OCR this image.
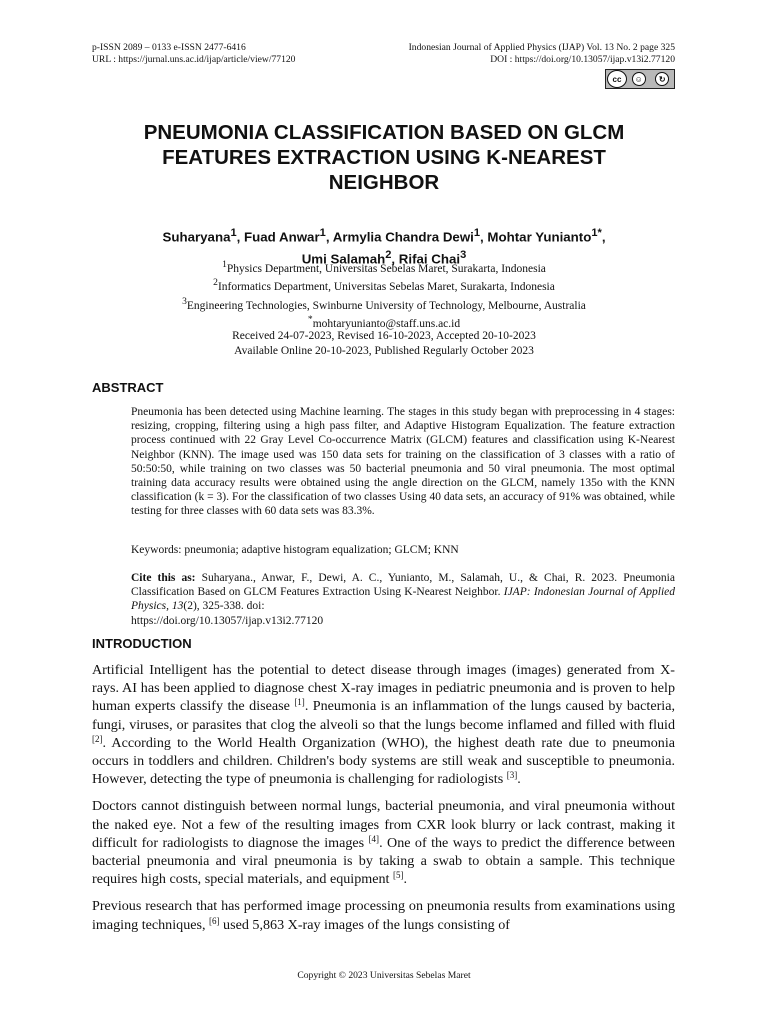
p-ISSN 2089 – 0133 e-ISSN 2477-6416
URL : https://jurnal.uns.ac.id/ijap/article/view/77120
Indonesian Journal of Applied Physics (IJAP) Vol. 13 No. 2 page 325
DOI : https://doi.org/10.13057/ijap.v13i2.77120
cc	☺	↻
PNEUMONIA CLASSIFICATION BASED ON GLCM
FEATURES EXTRACTION USING K-NEAREST
NEIGHBOR
Suharyana$^1$, Fuad Anwar$^1$, Armylia Chandra Dewi$^1$, Mohtar Yunianto$^{1*}$,
Umi Salamah$^2$, Rifai Chai$^3$
$^1$Physics Department, Universitas Sebelas Maret, Surakarta, Indonesia
$^2$Informatics Department, Universitas Sebelas Maret, Surakarta, Indonesia
$^3$Engineering Technologies, Swinburne University of Technology, Melbourne, Australia
*mohtaryunianto@staff.uns.ac.id
Received 24-07-2023, Revised 16-10-2023, Accepted 20-10-2023
Available Online 20-10-2023, Published Regularly October 2023
ABSTRACT

Pneumonia has been detected using Machine learning. The stages in this study began with preprocessing in 4 stages: resizing, cropping, filtering using a high pass filter, and Adaptive Histogram Equalization. The feature extraction process continued with 22 Gray Level Co-occurrence Matrix (GLCM) features and classification using K-Nearest Neighbor (KNN). The image used was 150 data sets for training on the classification of 3 classes with a ratio of 50:50:50, while training on two classes was 50 bacterial pneumonia and 50 viral pneumonia. The most optimal training data accuracy results were obtained using the angle direction on the GLCM, namely 135o with the KNN classification (k = 3). For the classification of two classes Using 40 data sets, an accuracy of 91% was obtained, while testing for three classes with 60 data sets was 83.3%.

Keywords: pneumonia; adaptive histogram equalization; GLCM; KNN
Cite this as: Suharyana., Anwar, F., Dewi, A. C., Yunianto, M., Salamah, U., & Chai, R. 2023. Pneumonia Classification Based on GLCM Features Extraction Using K-Nearest Neighbor. IJAP: Indonesian Journal of Applied Physics, 13(2), 325-338. doi:
https://doi.org/10.13057/ijap.v13i2.77120
INTRODUCTION

Artificial Intelligent has the potential to detect disease through images (images) generated from X-rays. AI has been applied to diagnose chest X-ray images in pediatric pneumonia and is proven to help human experts classify the disease [1]. Pneumonia is an inflammation of the lungs caused by bacteria, fungi, viruses, or parasites that clog the alveoli so that the lungs become inflamed and filled with fluid [2]. According to the World Health Organization (WHO), the highest death rate due to pneumonia occurs in toddlers and children. Children's body systems are still weak and susceptible to pneumonia. However, detecting the type of pneumonia is challenging for radiologists [3].

Doctors cannot distinguish between normal lungs, bacterial pneumonia, and viral pneumonia without the naked eye. Not a few of the resulting images from CXR look blurry or lack contrast, making it difficult for radiologists to diagnose the images [4]. One of the ways to predict the difference between bacterial pneumonia and viral pneumonia is by taking a swab to obtain a sample. This technique requires high costs, special materials, and equipment [5].

Previous research that has performed image processing on pneumonia results from examinations using imaging techniques, [6] used 5,863 X-ray images of the lungs consisting of

Copyright © 2023 Universitas Sebelas Maret
